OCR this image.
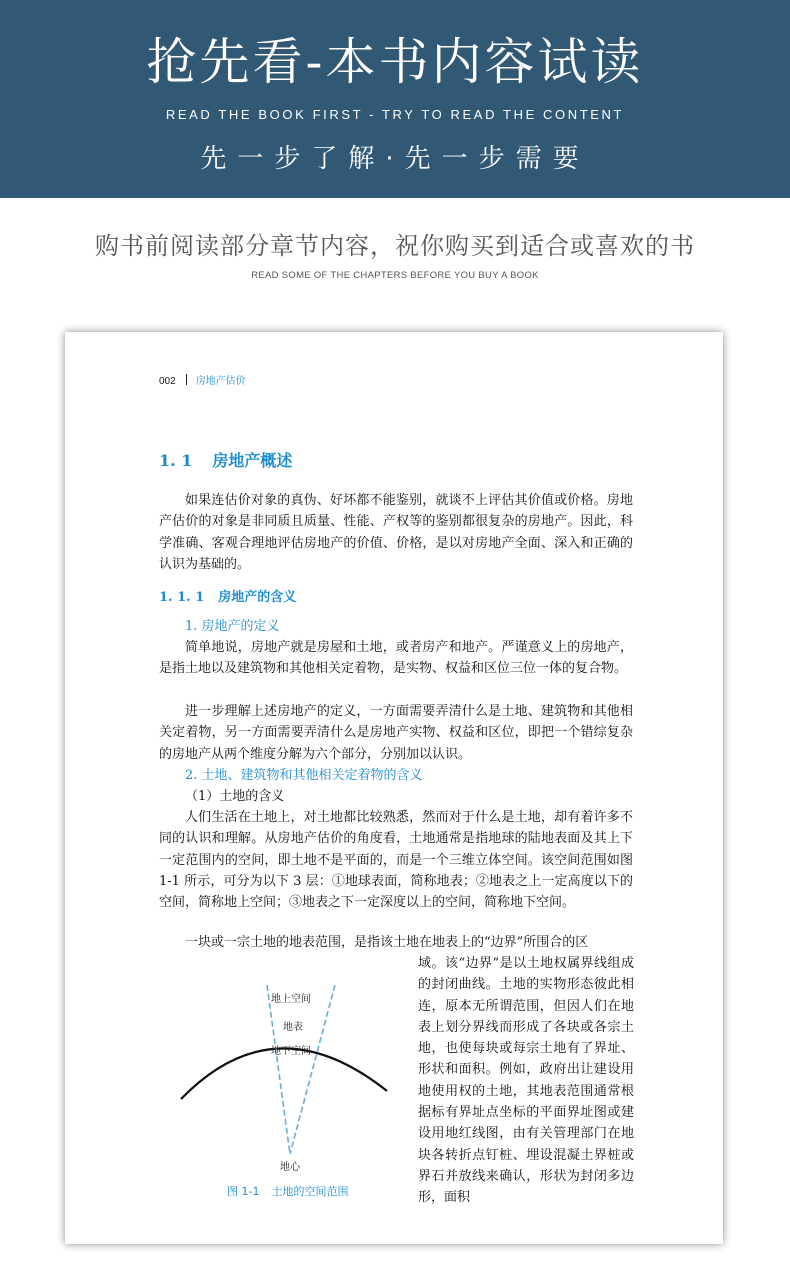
抢先看-本书内容试读
READ THE BOOK FIRST - TRY TO READ THE CONTENT
先一步了解·先一步需要
购书前阅读部分章节内容，祝你购买到适合或喜欢的书
READ SOME OF THE CHAPTERS BEFORE YOU BUY A BOOK
002 房地产估价
1. 1 房地产概述
如果连估价对象的真伪、好坏都不能鉴别，就谈不上评估其价值或价格。房地产估价的对象是非同质且质量、性能、产权等的鉴别都很复杂的房地产。因此，科学准确、客观合理地评估房地产的价值、价格，是以对房地产全面、深入和正确的认识为基础的。
1. 1. 1 房地产的含义
1. 房地产的定义
简单地说，房地产就是房屋和土地，或者房产和地产。严谨意义上的房地产，是指土地以及建筑物和其他相关定着物，是实物、权益和区位三位一体的复合物。
进一步理解上述房地产的定义，一方面需要弄清什么是土地、建筑物和其他相关定着物，另一方面需要弄清什么是房地产实物、权益和区位，即把一个错综复杂的房地产从两个维度分解为六个部分，分别加以认识。
2. 土地、建筑物和其他相关定着物的含义
（1）土地的含义
人们生活在土地上，对土地都比较熟悉，然而对于什么是土地，却有着许多不同的认识和理解。从房地产估价的角度看，土地通常是指地球的陆地表面及其上下一定范围内的空间，即土地不是平面的，而是一个三维立体空间。该空间范围如图 1-1 所示，可分为以下 3 层：①地球表面，简称地表；②地表之上一定高度以下的空间，简称地上空间；③地表之下一定深度以上的空间，简称地下空间。
一块或一宗土地的地表范围，是指该土地在地表上的“边界”所围合的区
域。该“边界”是以土地权属界线组成的封闭曲线。土地的实物形态彼此相连，原本无所谓范围，但因人们在地表上划分界线而形成了各块或各宗土地，也使每块或每宗土地有了界址、形状和面积。例如，政府出让建设用地使用权的土地，其地表范围通常根据标有界址点坐标的平面界址图或建设用地红线图，由有关管理部门在地块各转折点钉桩、埋设混凝土界桩或界石并放线来确认，形状为封闭多边形，面积
地上空间
地表
地下空间
地心
图 1-1 土地的空间范围
